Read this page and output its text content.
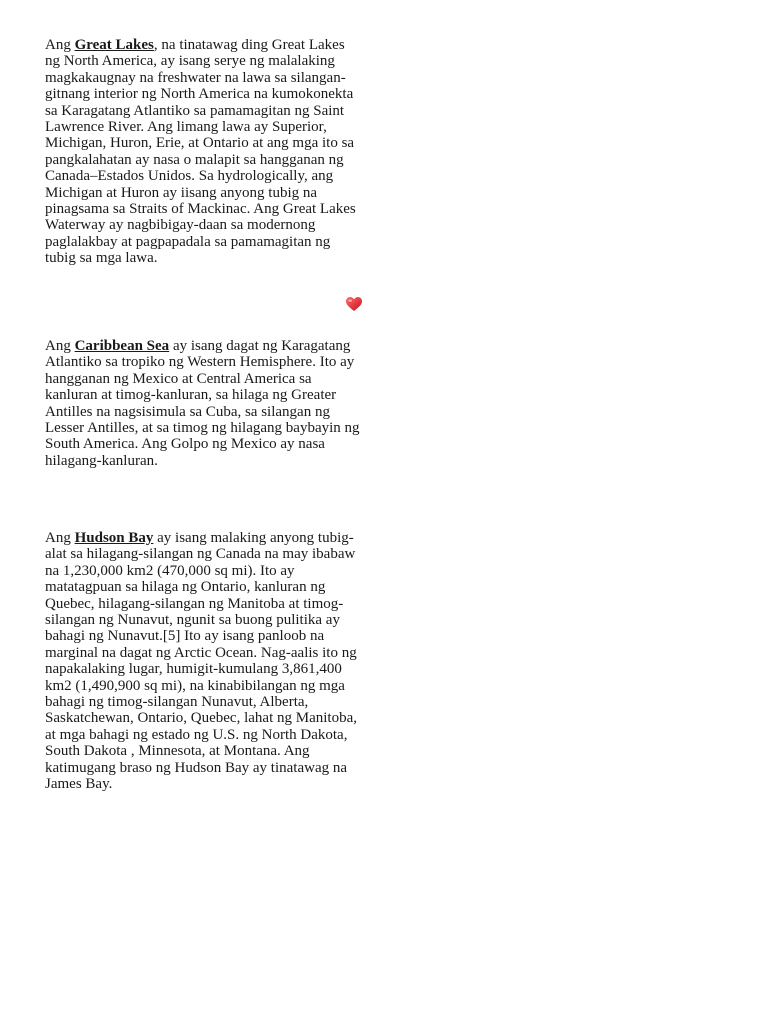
Ang Great Lakes, na tinatawag ding Great Lakes ng North America, ay isang serye ng malalaking magkakaugnay na freshwater na lawa sa silangan-gitnang interior ng North America na kumokonekta sa Karagatang Atlantiko sa pamamagitan ng Saint Lawrence River. Ang limang lawa ay Superior, Michigan, Huron, Erie, at Ontario at ang mga ito sa pangkalahatan ay nasa o malapit sa hangganan ng Canada–Estados Unidos. Sa hydrologically, ang Michigan at Huron ay iisang anyong tubig na pinagsama sa Straits of Mackinac. Ang Great Lakes Waterway ay nagbibigay-daan sa modernong paglalakbay at pagpapadala sa pamamagitan ng tubig sa mga lawa.

Ang Caribbean Sea ay isang dagat ng Karagatang Atlantiko sa tropiko ng Western Hemisphere. Ito ay hangganan ng Mexico at Central America sa kanluran at timog-kanluran, sa hilaga ng Greater Antilles na nagsisimula sa Cuba, sa silangan ng Lesser Antilles, at sa timog ng hilagang baybayin ng South America. Ang Golpo ng Mexico ay nasa hilagang-kanluran.

Ang Hudson Bay ay isang malaking anyong tubig-alat sa hilagang-silangan ng Canada na may ibabaw na 1,230,000 km2 (470,000 sq mi). Ito ay matatagpuan sa hilaga ng Ontario, kanluran ng Quebec, hilagang-silangan ng Manitoba at timog-silangan ng Nunavut, ngunit sa buong pulitika ay bahagi ng Nunavut.[5] Ito ay isang panloob na marginal na dagat ng Arctic Ocean. Nag-aalis ito ng napakalaking lugar, humigit-kumulang 3,861,400 km2 (1,490,900 sq mi), na kinabibilangan ng mga bahagi ng timog-silangan Nunavut, Alberta, Saskatchewan, Ontario, Quebec, lahat ng Manitoba, at mga bahagi ng estado ng U.S. ng North Dakota, South Dakota , Minnesota, at Montana. Ang katimugang braso ng Hudson Bay ay tinatawag na James Bay.
